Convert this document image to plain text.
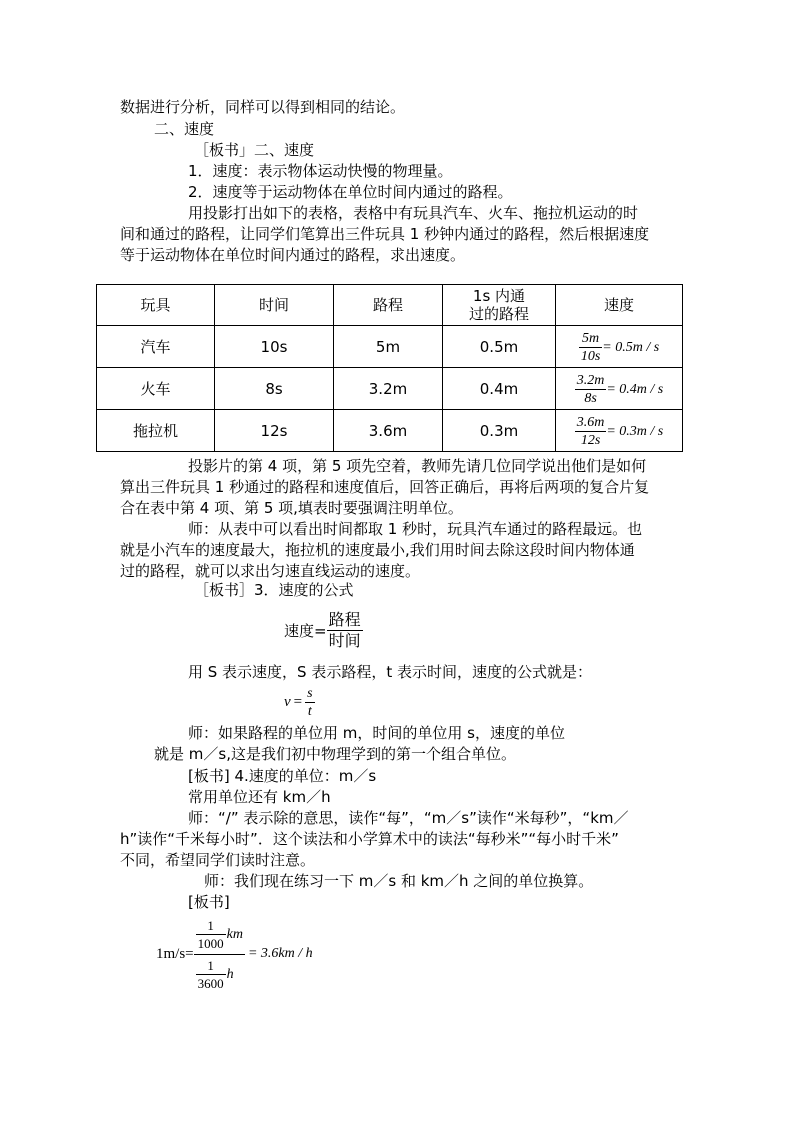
数据进行分析，同样可以得到相同的结论。
二、速度
［板书」二、速度
1．速度：表示物体运动快慢的物理量。
2．速度等于运动物体在单位时间内通过的路程。
用投影打出如下的表格，表格中有玩具汽车、火车、拖拉机运动的时
间和通过的路程，让同学们笔算出三件玩具 1 秒钟内通过的路程，然后根据速度
等于运动物体在单位时间内通过的路程，求出速度。
玩具	时间	路程	1s 内通
过的路程	速度
汽车	10s	5m	0.5m	$\frac{5m}{10s} = 0.5m / s$

火车	8s	3.2m	0.4m	$\frac{3.2m}{8s} = 0.4m / s$

拖拉机	12s	3.6m	0.3m	$\frac{3.6m}{12s} = 0.3m / s$
投影片的第 4 项，第 5 项先空着，教师先请几位同学说出他们是如何
算出三件玩具 1 秒通过的路程和速度值后，回答正确后，再将后两项的复合片复
合在表中第 4 项、第 5 项,填表时要强调注明单位。
师：从表中可以看出时间都取 1 秒时，玩具汽车通过的路程最远。也
就是小汽车的速度最大，拖拉机的速度最小,我们用时间去除这段时间内物体通
过的路程，就可以求出匀速直线运动的速度。
［板书］3．速度的公式
速度= $\frac{\text{路程}}{\text{时间}}$
用 S 表示速度，S 表示路程，t 表示时间，速度的公式就是：
$v = \frac{s}{t}$
师：如果路程的单位用 m，时间的单位用 s，速度的单位
就是 m／s,这是我们初中物理学到的第一个组合单位。
[板书] 4.速度的单位：m／s
常用单位还有 km／h
师：“/” 表示除的意思，读作“每”，“m／s”读作“米每秒”，“km／
h”读作“千米每小时”．这个读法和小学算术中的读法“每秒米”“每小时千米”
不同，希望同学们读时注意。
师：我们现在练习一下 m／s 和 km／h 之间的单位换算。
[板书]
$1m/s= \frac{\frac{1}{1000} km}{\frac{1}{3600} h} = 3.6km / h$
